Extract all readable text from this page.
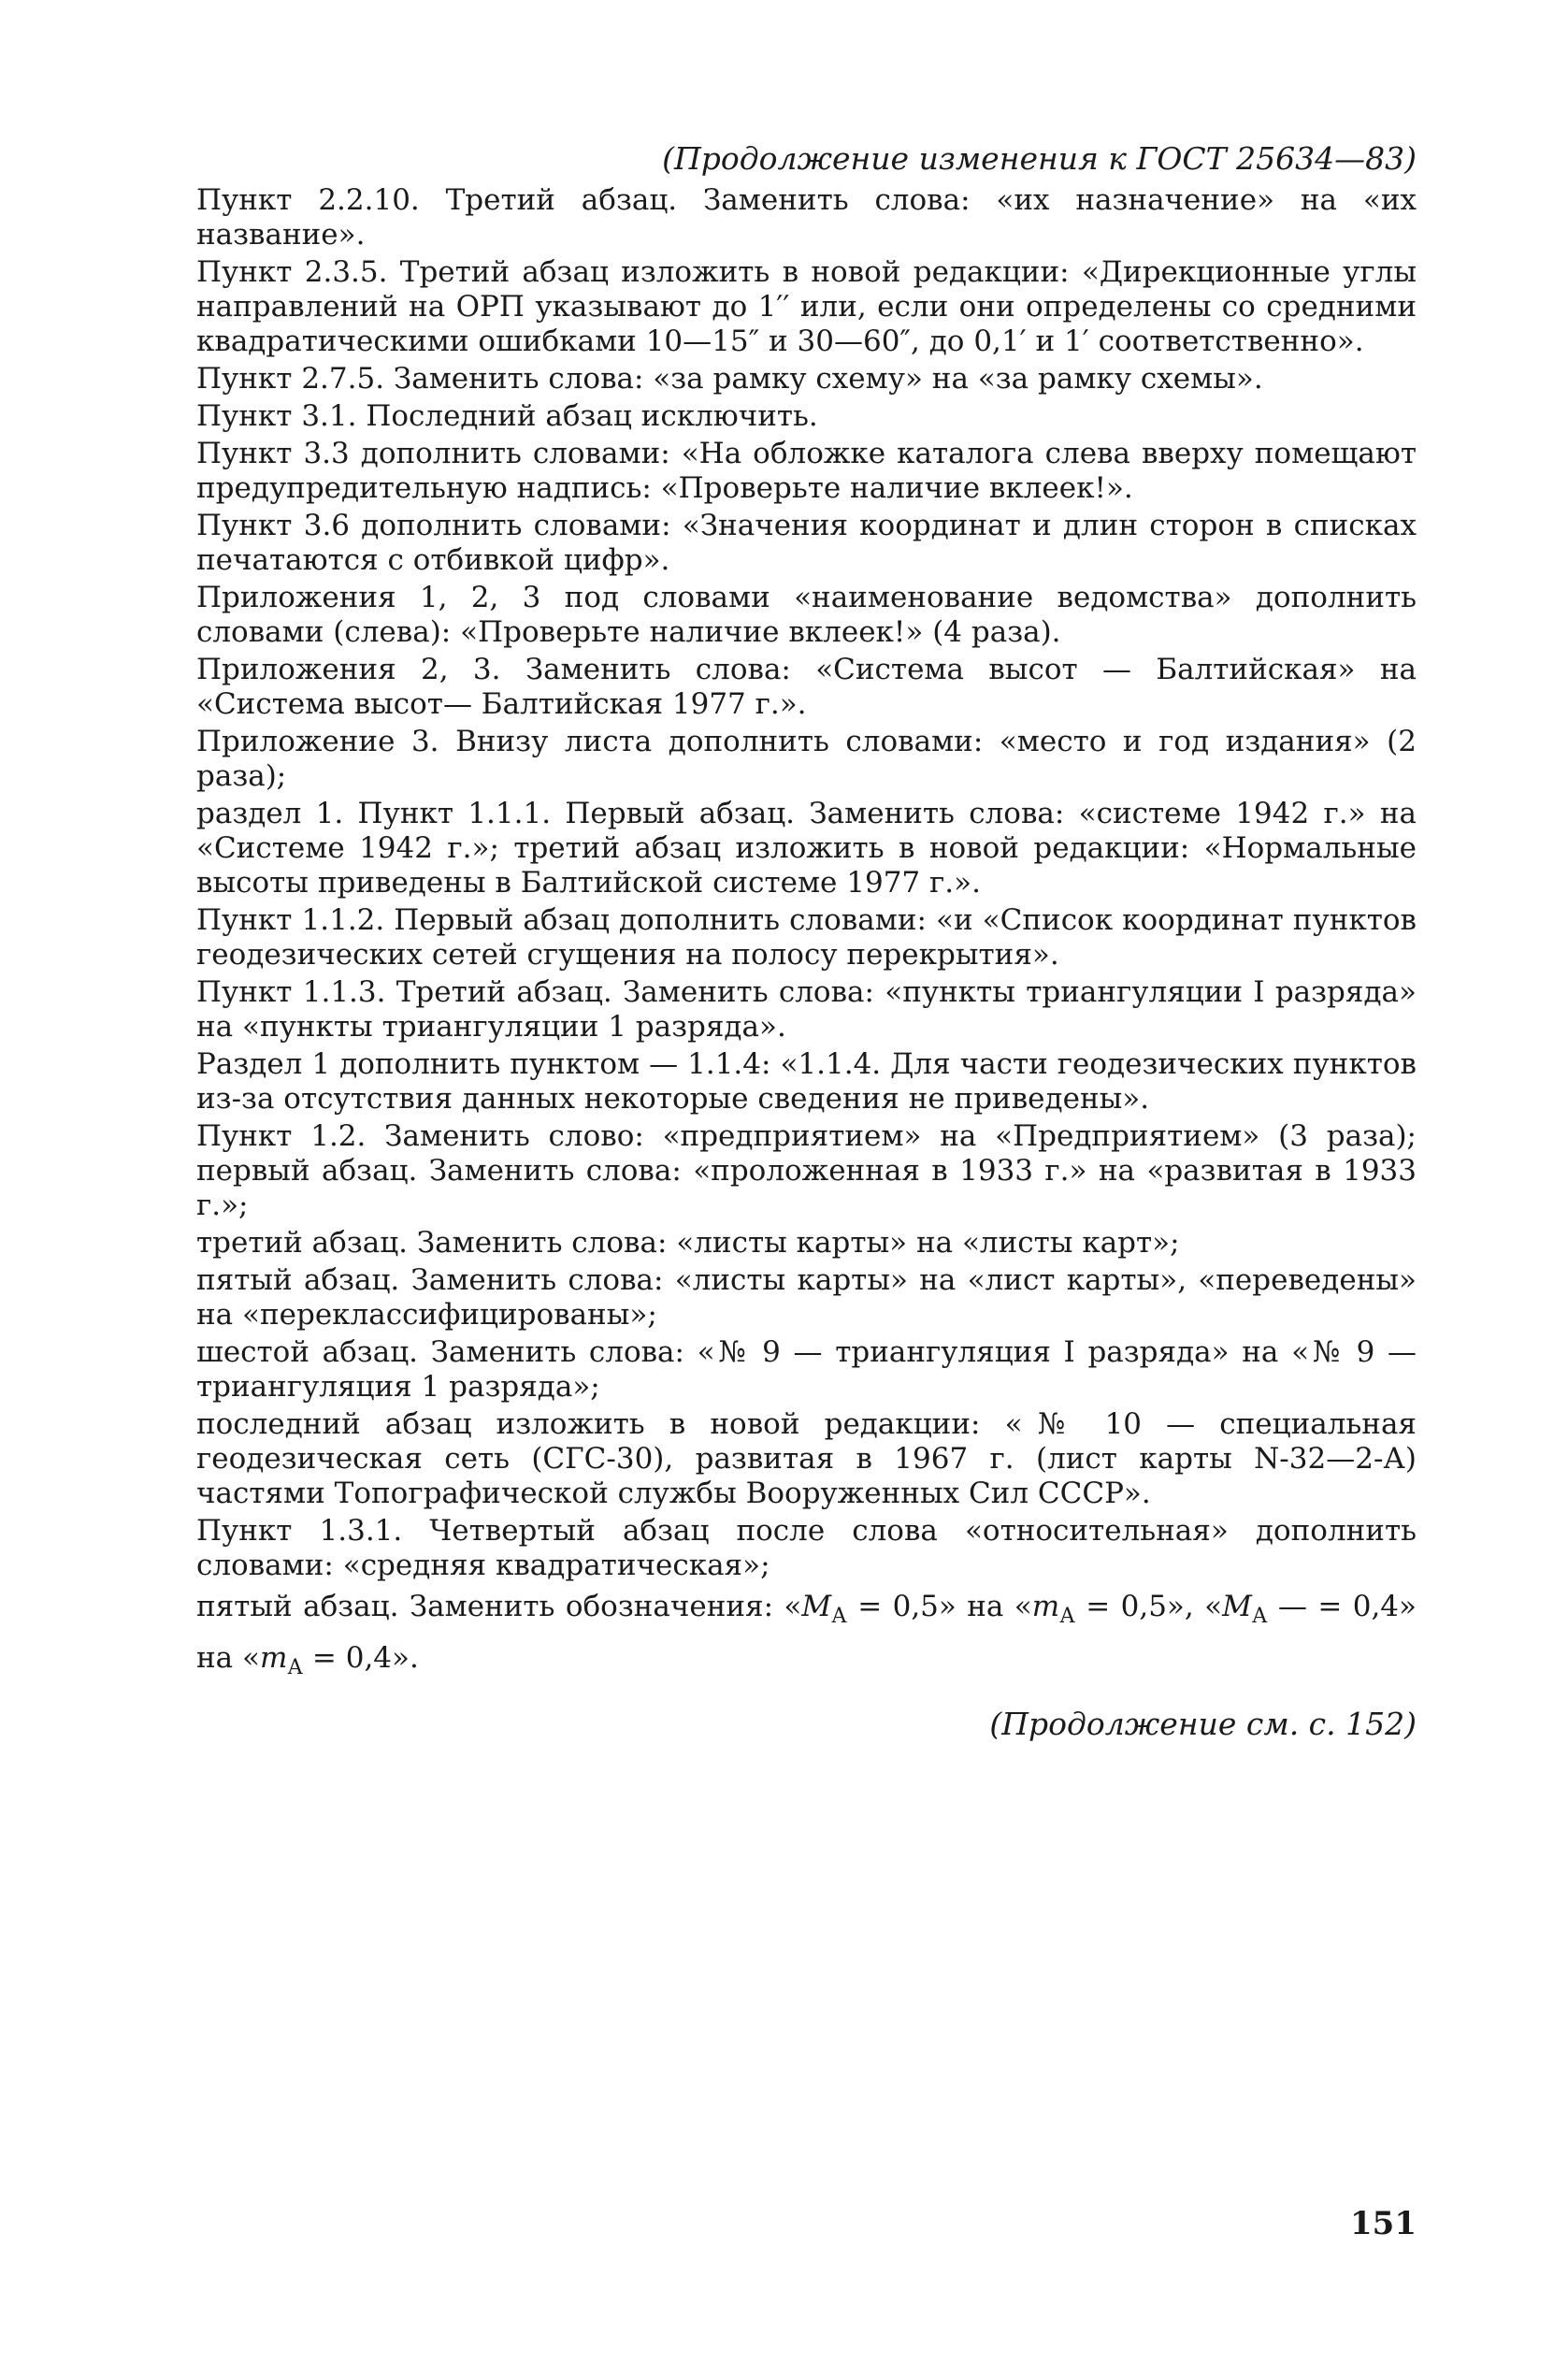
(Продолжение изменения к ГОСТ 25634—83)

Пункт 2.2.10. Третий абзац. Заменить слова: «их назначение» на «их название».

Пункт 2.3.5. Третий абзац изложить в новой редакции: «Дирекционные углы направлений на ОРП указывают до 1′′ или, если они определены со средними квадратическими ошибками 10—15″ и 30—60″, до 0,1′ и 1′ соответственно».

Пункт 2.7.5. Заменить слова: «за рамку схему» на «за рамку схемы».

Пункт 3.1. Последний абзац исключить.

Пункт 3.3 дополнить словами: «На обложке каталога слева вверху помещают предупредительную надпись: «Проверьте наличие вклеек!».

Пункт 3.6 дополнить словами: «Значения координат и длин сторон в списках печатаются с отбивкой цифр».

Приложения 1, 2, 3 под словами «наименование ведомства» дополнить словами (слева): «Проверьте наличие вклеек!» (4 раза).

Приложения 2, 3. Заменить слова: «Система высот — Балтийская» на «Система высот— Балтийская 1977 г.».

Приложение 3. Внизу листа дополнить словами: «место и год издания» (2 раза);

раздел 1. Пункт 1.1.1. Первый абзац. Заменить слова: «системе 1942 г.» на «Системе 1942 г.»; третий абзац изложить в новой редакции: «Нормальные высоты приведены в Балтийской системе 1977 г.».

Пункт 1.1.2. Первый абзац дополнить словами: «и «Список координат пунктов геодезических сетей сгущения на полосу перекрытия».

Пункт 1.1.3. Третий абзац. Заменить слова: «пункты триангуляции I разряда» на «пункты триангуляции 1 разряда».

Раздел 1 дополнить пунктом — 1.1.4: «1.1.4. Для части геодезических пунктов из-за отсутствия данных некоторые сведения не приведены».

Пункт 1.2. Заменить слово: «предприятием» на «Предприятием» (3 раза); первый абзац. Заменить слова: «проложенная в 1933 г.» на «развитая в 1933 г.»;

третий абзац. Заменить слова: «листы карты» на «листы карт»;

пятый абзац. Заменить слова: «листы карты» на «лист карты», «переведены» на «переклассифицированы»;

шестой абзац. Заменить слова: «№ 9 — триангуляция I разряда» на «№ 9 — триангуляция 1 разряда»;

последний абзац изложить в новой редакции: «№ 10 — специальная геодезическая сеть (СГС-30), развитая в 1967 г. (лист карты N-32—2-А) частями Топографической службы Вооруженных Сил СССР».

Пункт 1.3.1. Четвертый абзац после слова «относительная» дополнить словами: «средняя квадратическая»;

пятый абзац. Заменить обозначения: «$M_А = 0,5$» на «$m_А = 0,5$», «$M_А$ — = 0,4» на «$m_А = 0,4$».

(Продолжение см. с. 152)
151
